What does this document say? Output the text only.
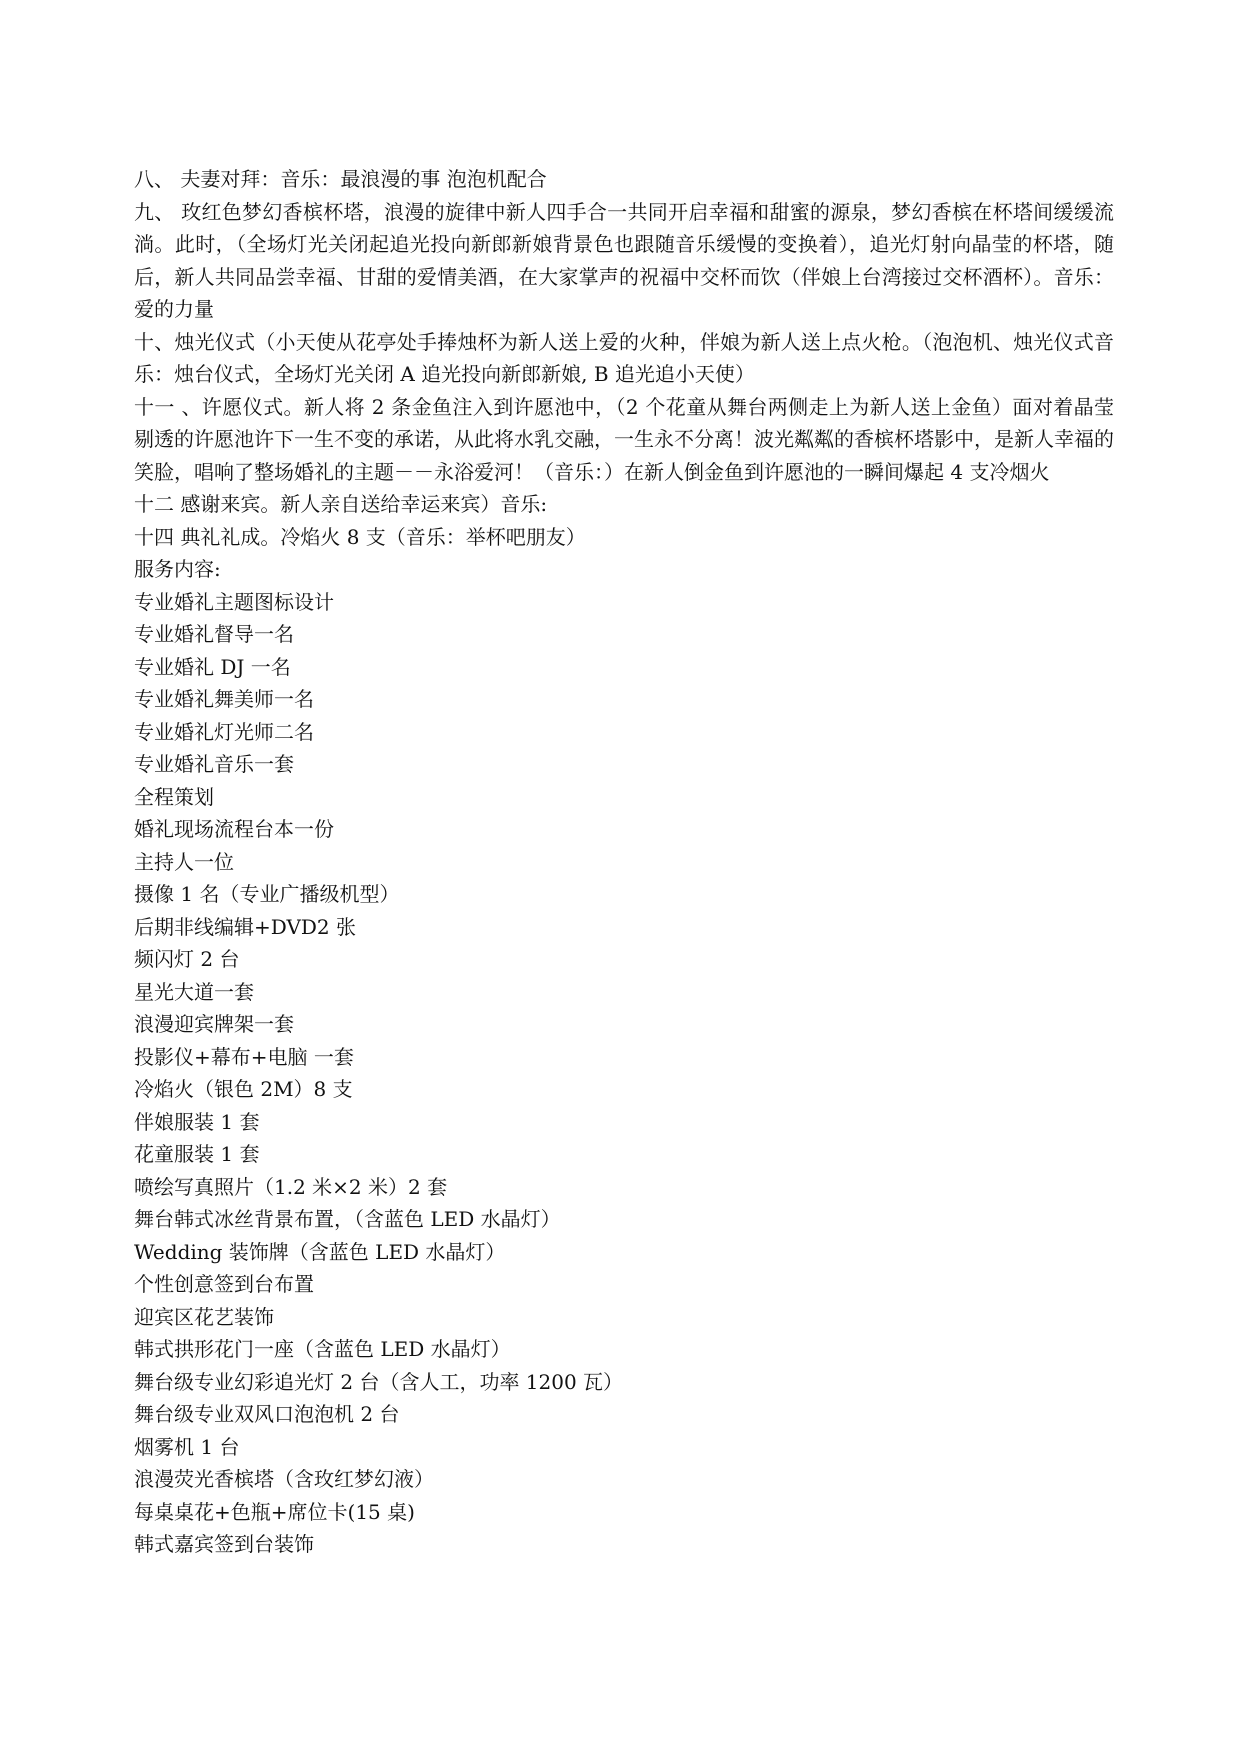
八、 夫妻对拜：音乐：最浪漫的事 泡泡机配合

九、 玫红色梦幻香槟杯塔，浪漫的旋律中新人四手合一共同开启幸福和甜蜜的源泉，梦幻香槟在杯塔间缓缓流淌。此时，（全场灯光关闭起追光投向新郎新娘背景色也跟随音乐缓慢的变换着），追光灯射向晶莹的杯塔，随后，新人共同品尝幸福、甘甜的爱情美酒，在大家掌声的祝福中交杯而饮（伴娘上台湾接过交杯酒杯）。音乐：爱的力量

十、烛光仪式（小天使从花亭处手捧烛杯为新人送上爱的火种，伴娘为新人送上点火枪。（泡泡机、烛光仪式音乐：烛台仪式，全场灯光关闭 A 追光投向新郎新娘, B 追光追小天使）

十一 、许愿仪式。新人将 2 条金鱼注入到许愿池中，（2 个花童从舞台两侧走上为新人送上金鱼）面对着晶莹剔透的许愿池许下一生不变的承诺，从此将水乳交融，一生永不分离！波光粼粼的香槟杯塔影中，是新人幸福的笑脸，唱响了整场婚礼的主题－－永浴爱河！（音乐：）在新人倒金鱼到许愿池的一瞬间爆起 4 支冷烟火

十二 感谢来宾。新人亲自送给幸运来宾）音乐:

十四 典礼礼成。冷焰火 8 支（音乐：举杯吧朋友）

服务内容:

专业婚礼主题图标设计

专业婚礼督导一名

专业婚礼 DJ 一名

专业婚礼舞美师一名

专业婚礼灯光师二名

专业婚礼音乐一套

全程策划

婚礼现场流程台本一份

主持人一位

摄像 1 名（专业广播级机型）

后期非线编辑+DVD2 张

频闪灯 2 台

星光大道一套

浪漫迎宾牌架一套

投影仪+幕布+电脑 一套

冷焰火（银色 2M）8 支

伴娘服装 1 套

花童服装 1 套

喷绘写真照片（1.2 米×2 米）2 套

舞台韩式冰丝背景布置，（含蓝色 LED 水晶灯）

Wedding 装饰牌（含蓝色 LED 水晶灯）

个性创意签到台布置

迎宾区花艺装饰

韩式拱形花门一座（含蓝色 LED 水晶灯）

舞台级专业幻彩追光灯 2 台（含人工，功率 1200 瓦）

舞台级专业双风口泡泡机 2 台

烟雾机 1 台

浪漫荧光香槟塔（含玫红梦幻液）

每桌桌花+色瓶+席位卡(15 桌)

韩式嘉宾签到台装饰
